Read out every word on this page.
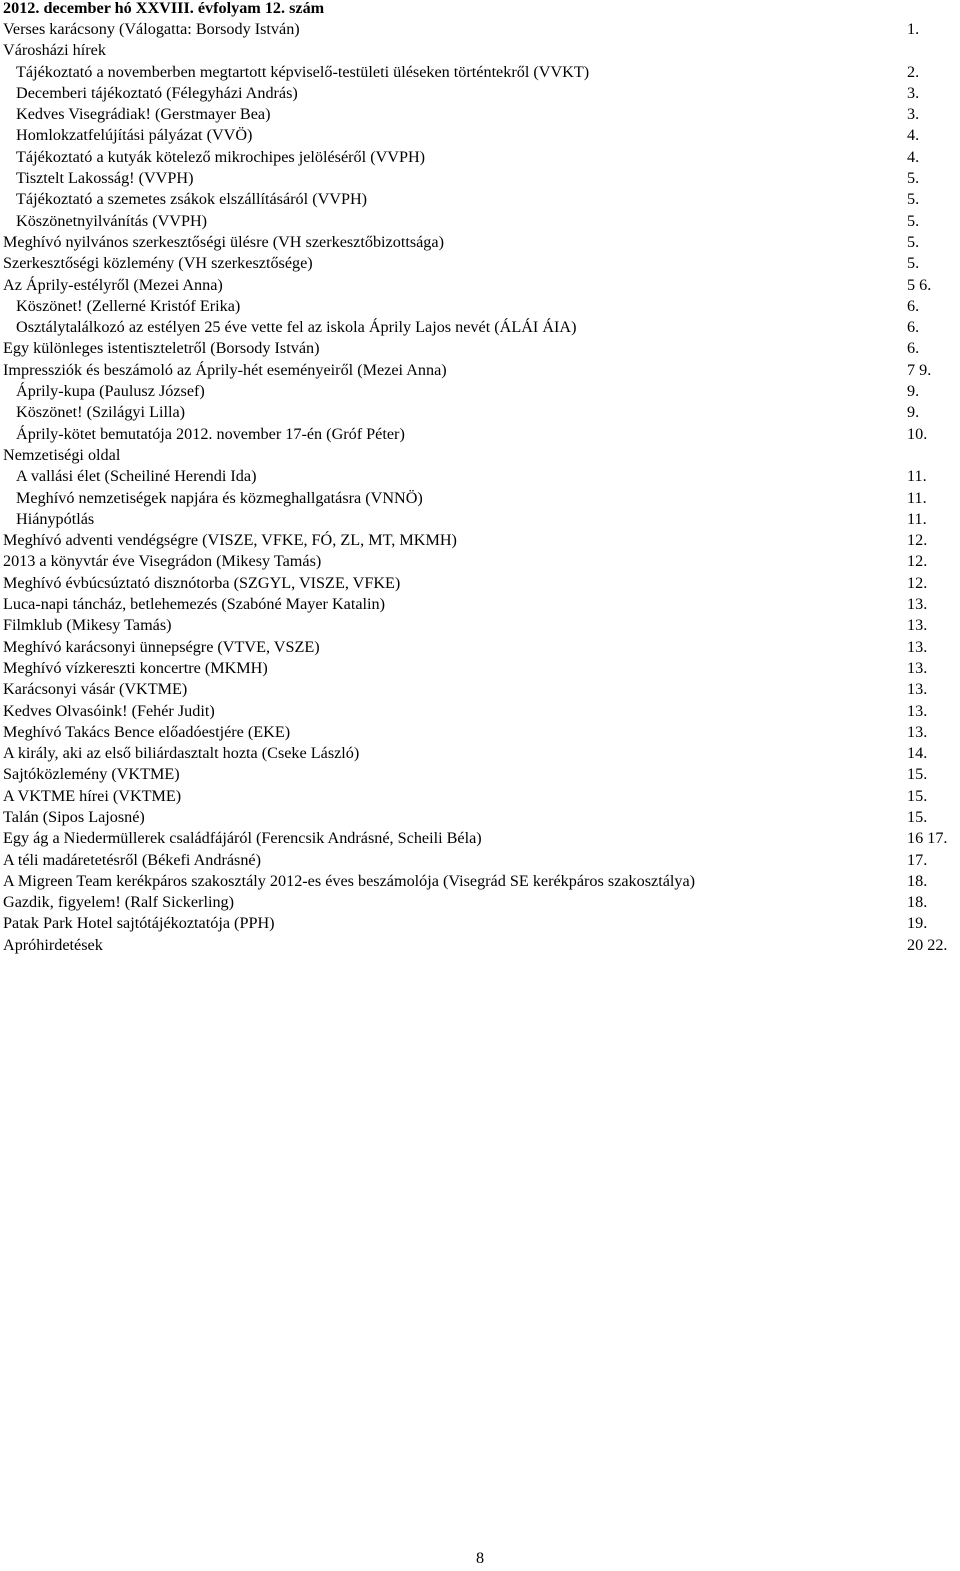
2012. december hó XXVIII. évfolyam 12. szám
Verses karácsony (Válogatta: Borsody István)	1.
Városházi hírek
Tájékoztató a novemberben megtartott képviselő-testületi üléseken történtekről (VVKT)	2.
Decemberi tájékoztató (Félegyházi András)	3.
Kedves Visegrádiak! (Gerstmayer Bea)	3.
Homlokzatfelújítási pályázat (VVÖ)	4.
Tájékoztató a kutyák kötelező mikrochipes jelöléséről (VVPH)	4.
Tisztelt Lakosság! (VVPH)	5.
Tájékoztató a szemetes zsákok elszállításáról (VVPH)	5.
Köszönetnyilvánítás (VVPH)	5.
Meghívó nyilvános szerkesztőségi ülésre (VH szerkesztőbizottsága)	5.
Szerkesztőségi közlemény (VH szerkesztősége)	5.
Az Áprily-estélyről (Mezei Anna)	5 6.
Köszönet! (Zellerné Kristóf Erika)	6.
Osztálytalálkozó az estélyen 25 éve vette fel az iskola Áprily Lajos nevét (ÁLÁI ÁIA)	6.
Egy különleges istentiszteletről (Borsody István)	6.
Impressziók és beszámoló az Áprily-hét eseményeiről (Mezei Anna)	7 9.
Áprily-kupa (Paulusz József)	9.
Köszönet! (Szilágyi Lilla)	9.
Áprily-kötet bemutatója 2012. november 17-én (Gróf Péter)	10.
Nemzetiségi oldal
A vallási élet (Scheiliné Herendi Ida)	11.
Meghívó nemzetiségek napjára és közmeghallgatásra (VNNÖ)	11.
Hiánypótlás	11.
Meghívó adventi vendégségre (VISZE, VFKE, FÓ, ZL, MT, MKMH)	12.
2013 a könyvtár éve Visegrádon (Mikesy Tamás)	12.
Meghívó évbúcsúztató disznótorba (SZGYL, VISZE, VFKE)	12.
Luca-napi táncház, betlehemezés (Szabóné Mayer Katalin)	13.
Filmklub (Mikesy Tamás)	13.
Meghívó karácsonyi ünnepségre (VTVE, VSZE)	13.
Meghívó vízkereszti koncertre (MKMH)	13.
Karácsonyi vásár (VKTME)	13.
Kedves Olvasóink! (Fehér Judit)	13.
Meghívó Takács Bence előadóestjére (EKE)	13.
A király, aki az első biliárdasztalt hozta (Cseke László)	14.
Sajtóközlemény (VKTME)	15.
A VKTME hírei (VKTME)	15.
Talán (Sipos Lajosné)	15.
Egy ág a Niedermüllerek családfájáról (Ferencsik Andrásné, Scheili Béla)	16 17.
A téli madáretetésről (Békefi Andrásné)	17.
A Migreen Team kerékpáros szakosztály 2012-es éves beszámolója (Visegrád SE kerékpáros szakosztálya)	18.
Gazdik, figyelem! (Ralf Sickerling)	18.
Patak Park Hotel sajtótájékoztatója (PPH)	19.
Apróhirdetések	20 22.
8
